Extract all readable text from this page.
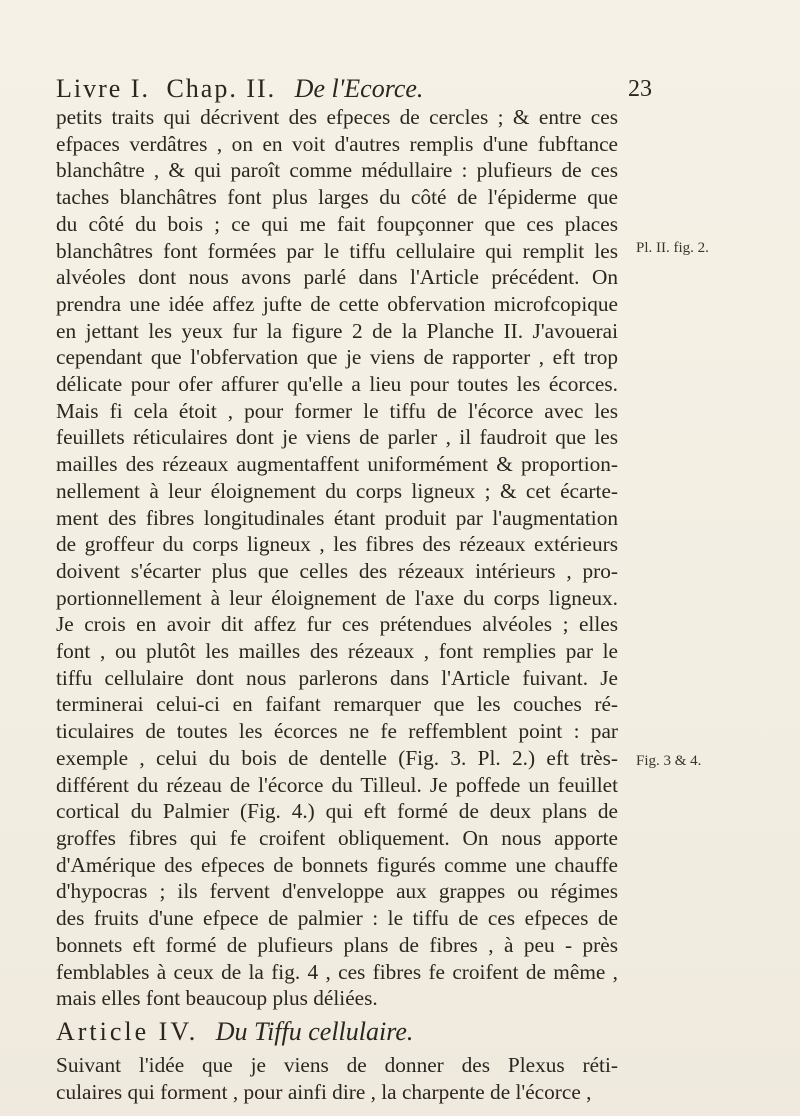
Livre I. Chap. II. De l'Ecorce.	23
petits traits qui décrivent des efpeces de cercles ; & entre ces
efpaces verdâtres , on en voit d'autres remplis d'une fubftance
blanchâtre , & qui paroît comme médullaire : plufieurs de ces
taches blanchâtres font plus larges du côté de l'épiderme que
du côté du bois ; ce qui me fait foupçonner que ces places
blanchâtres font formées par le tiffu cellulaire qui remplit les
alvéoles dont nous avons parlé dans l'Article précédent. On
prendra une idée affez jufte de cette obfervation microfcopique
en jettant les yeux fur la figure 2 de la Planche II. J'avouerai
cependant que l'obfervation que je viens de rapporter , eft trop
délicate pour ofer affurer qu'elle a lieu pour toutes les écorces.
Mais fi cela étoit , pour former le tiffu de l'écorce avec les
feuillets réticulaires dont je viens de parler , il faudroit que les
mailles des rézeaux augmentaffent uniformément & proportion-
nellement à leur éloignement du corps ligneux ; & cet écarte-
ment des fibres longitudinales étant produit par l'augmentation
de groffeur du corps ligneux , les fibres des rézeaux extérieurs
doivent s'écarter plus que celles des rézeaux intérieurs , pro-
portionnellement à leur éloignement de l'axe du corps ligneux.
Je crois en avoir dit affez fur ces prétendues alvéoles ; elles
font , ou plutôt les mailles des rézeaux , font remplies par le
tiffu cellulaire dont nous parlerons dans l'Article fuivant. Je
terminerai celui-ci en faifant remarquer que les couches ré-
ticulaires de toutes les écorces ne fe reffemblent point : par
exemple , celui du bois de dentelle (Fig. 3. Pl. 2.) eft très-
différent du rézeau de l'écorce du Tilleul. Je poffede un feuillet
cortical du Palmier (Fig. 4.) qui eft formé de deux plans de
groffes fibres qui fe croifent obliquement. On nous apporte
d'Amérique des efpeces de bonnets figurés comme une chauffe
d'hypocras ; ils fervent d'enveloppe aux grappes ou régimes
des fruits d'une efpece de palmier : le tiffu de ces efpeces de
bonnets eft formé de plufieurs plans de fibres , à peu - près
femblables à ceux de la fig. 4 , ces fibres fe croifent de même ,
mais elles font beaucoup plus déliées.
Article IV. Du Tiffu cellulaire.
Suivant l'idée que je viens de donner des Plexus réti-
culaires qui forment , pour ainfi dire , la charpente de l'écorce ,
Pl. II. fig. 2.
Fig. 3 & 4.
